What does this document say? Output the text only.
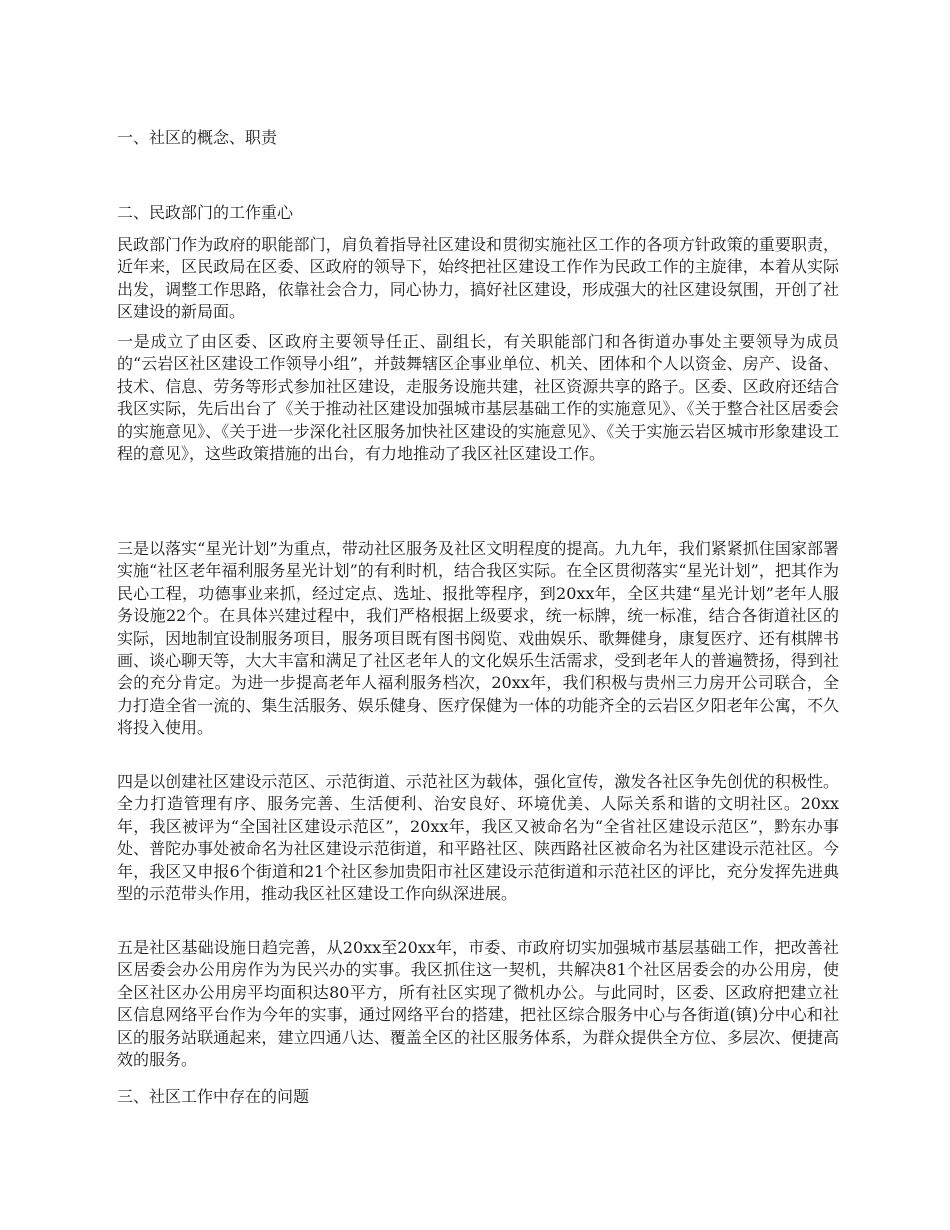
一、社区的概念、职责
二、民政部门的工作重心

民政部门作为政府的职能部门，肩负着指导社区建设和贯彻实施社区工作的各项方针政策的重要职责，近年来，区民政局在区委、区政府的领导下，始终把社区建设工作作为民政工作的主旋律，本着从实际出发，调整工作思路，依靠社会合力，同心协力，搞好社区建设，形成强大的社区建设氛围，开创了社区建设的新局面。

一是成立了由区委、区政府主要领导任正、副组长，有关职能部门和各街道办事处主要领导为成员的“云岩区社区建设工作领导小组”，并鼓舞辖区企事业单位、机关、团体和个人以资金、房产、设备、技术、信息、劳务等形式参加社区建设，走服务设施共建，社区资源共享的路子。区委、区政府还结合我区实际，先后出台了《关于推动社区建设加强城市基层基础工作的实施意见》、《关于整合社区居委会的实施意见》、《关于进一步深化社区服务加快社区建设的实施意见》、《关于实施云岩区城市形象建设工程的意见》，这些政策措施的出台，有力地推动了我区社区建设工作。

三是以落实“星光计划”为重点，带动社区服务及社区文明程度的提高。九九年，我们紧紧抓住国家部署实施“社区老年福利服务星光计划”的有利时机，结合我区实际。在全区贯彻落实“星光计划”，把其作为民心工程，功德事业来抓，经过定点、选址、报批等程序，到20xx年，全区共建“星光计划”老年人服务设施22个。在具体兴建过程中，我们严格根据上级要求，统一标牌，统一标准，结合各街道社区的实际，因地制宜设制服务项目，服务项目既有图书阅览、戏曲娱乐、歌舞健身，康复医疗、还有棋牌书画、谈心聊天等，大大丰富和满足了社区老年人的文化娱乐生活需求，受到老年人的普遍赞扬，得到社会的充分肯定。为进一步提高老年人福利服务档次，20xx年，我们积极与贵州三力房开公司联合，全力打造全省一流的、集生活服务、娱乐健身、医疗保健为一体的功能齐全的云岩区夕阳老年公寓，不久将投入使用。

四是以创建社区建设示范区、示范街道、示范社区为载体，强化宣传，激发各社区争先创优的积极性。全力打造管理有序、服务完善、生活便利、治安良好、环境优美、人际关系和谐的文明社区。20xx年，我区被评为“全国社区建设示范区”，20xx年，我区又被命名为“全省社区建设示范区”，黔东办事处、普陀办事处被命名为社区建设示范街道，和平路社区、陕西路社区被命名为社区建设示范社区。今年，我区又申报6个街道和21个社区参加贵阳市社区建设示范街道和示范社区的评比，充分发挥先进典型的示范带头作用，推动我区社区建设工作向纵深进展。

五是社区基础设施日趋完善，从20xx至20xx年，市委、市政府切实加强城市基层基础工作，把改善社区居委会办公用房作为为民兴办的实事。我区抓住这一契机，共解决81个社区居委会的办公用房，使全区社区办公用房平均面积达80平方，所有社区实现了微机办公。与此同时，区委、区政府把建立社区信息网络平台作为今年的实事，通过网络平台的搭建，把社区综合服务中心与各街道(镇)分中心和社区的服务站联通起来，建立四通八达、覆盖全区的社区服务体系，为群众提供全方位、多层次、便捷高效的服务。

三、社区工作中存在的问题
